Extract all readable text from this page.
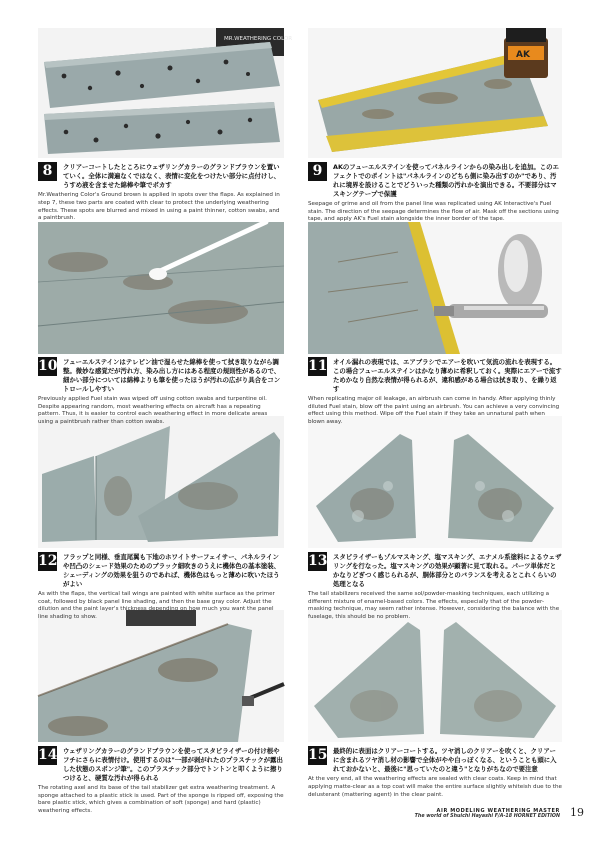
MR.WEATHERING COLOR
AK
8	クリアーコートしたところにウェザリングカラーのグランドブラウンを置いていく。全体に満遍なくではなく、表情に変化をつけたい部分に点付けし、うすめ液を含ませた綿棒や筆でボカす
Mr.Weathering Color's Ground brown is applied in spots over the flaps. As explained in step 7, these two parts are coated with clear to protect the underlying weathering effects. These spots are blurred and mixed in using a paint thinner, cotton swabs, and a paintbrush.
9	AKのフューエルステインを使ってパネルラインからの染み出しを追加。このエフェクトでのポイントは"パネルラインのどちら側に染み出すのか"であり、汚れに境界を設けることでどういった種類の汚れかを演出できる。不要部分はマスキングテープで保護
Seepage of grime and oil from the panel line was replicated using AK Interactive's Fuel stain. The direction of the seepage determines the flow of air. Mask off the sections using tape, and apply AK's Fuel stain alongside the inner border of the tape.
10 フューエルステインはテレピン油で湿らせた綿棒を使って拭き取りながら調整。微妙な感覚だが汚れ方、染み出し方にはある程度の規則性があるので、細かい部分については綿棒よりも筆を使ったほうが汚れの広がり具合をコントロールしやすい
Previously applied Fuel stain was wiped off using cotton swabs and turpentine oil. Despite appearing random, most weathering effects on aircraft has a repeating pattern. Thus, it is easier to control each weathering effect in more delicate areas using a paintbrush rather than cotton swabs.
11 オイル漏れの表現では、エアブラシでエアーを吹いて気流の流れを表現する。この場合フューエルステインはかなり薄めに希釈しておく。実際にエアーで流すためかなり自然な表情が得られるが、違和感がある場合は拭き取り、を繰り返す
When replicating major oil leakage, an airbrush can come in handy. After applying thinly diluted Fuel stain, blow off the paint using an airbrush. You can achieve a very convincing effect using this method. Wipe off the Fuel stain if they take an unnatural path when blown away.
12 フラップと同様、垂直尾翼も下地のホワイトサーフェイサー、パネルラインや凹凸のシェード効果のためのブラック細吹きのうえに機体色の基本塗装、シェーディングの効果を狙うのであれば、機体色はもっと薄めに吹いたほうがよい
As with the flaps, the vertical tail wings are painted with white surface as the primer coat, followed by black panel line shading, and then the base gray color. Adjust the dilution and the paint layer's thickness depending on how much you want the panel line shading to show.
13 スタビライザーもゾルマスキング、塩マスキング、エナメル系塗料によるウェザリングを行なった。塩マスキングの効果が顕著に見て取れる。パーツ単体だとかなりどぎつく感じられるが、胴体部分とのバランスを考えるとこれくらいの処理となる
The tail stabilizers received the same sol/powder-masking techniques, each utilizing a different mixture of enamel-based colors. The effects, especially that of the powder-masking technique, may seem rather intense. However, considering the balance with the fuselage, this should be no problem.
14 ウェザリングカラーのグランドブラウンを使ってスタビライザーの付け根やフチにさらに表情付け。使用するのは"一部が剥がれたのプラスチックが露出した状態のスポンジ筆"。このプラスチック部分でトントンと叩くように擦りつけると、硬質な汚れが得られる
The rotating axel and its base of the tail stabilizer get extra weathering treatment. A sponge attached to a plastic stick is used. Part of the sponge is ripped off, exposing the bare plastic stick, which gives a combination of soft (sponge) and hard (plastic) weathering effects.
15 最終的に表面はクリアーコートする。ツヤ消しのクリアーを吹くと、クリアーに含まれるツヤ消し材の影響で全体がやや白っぽくなる、ということも頭に入れておかないと、最後に"思っていたのと違う"となりがちなので要注意
At the very end, all the weathering effects are sealed with clear coats. Keep in mind that applying matte-clear as a top coat will make the entire surface slightly whiteish due to the delusterant (mattering agent) in the clear paint.
AIR MODELING WEATHERING MASTER
The world of Shuichi Hayashi F/A-18 HORNET EDITION 19
